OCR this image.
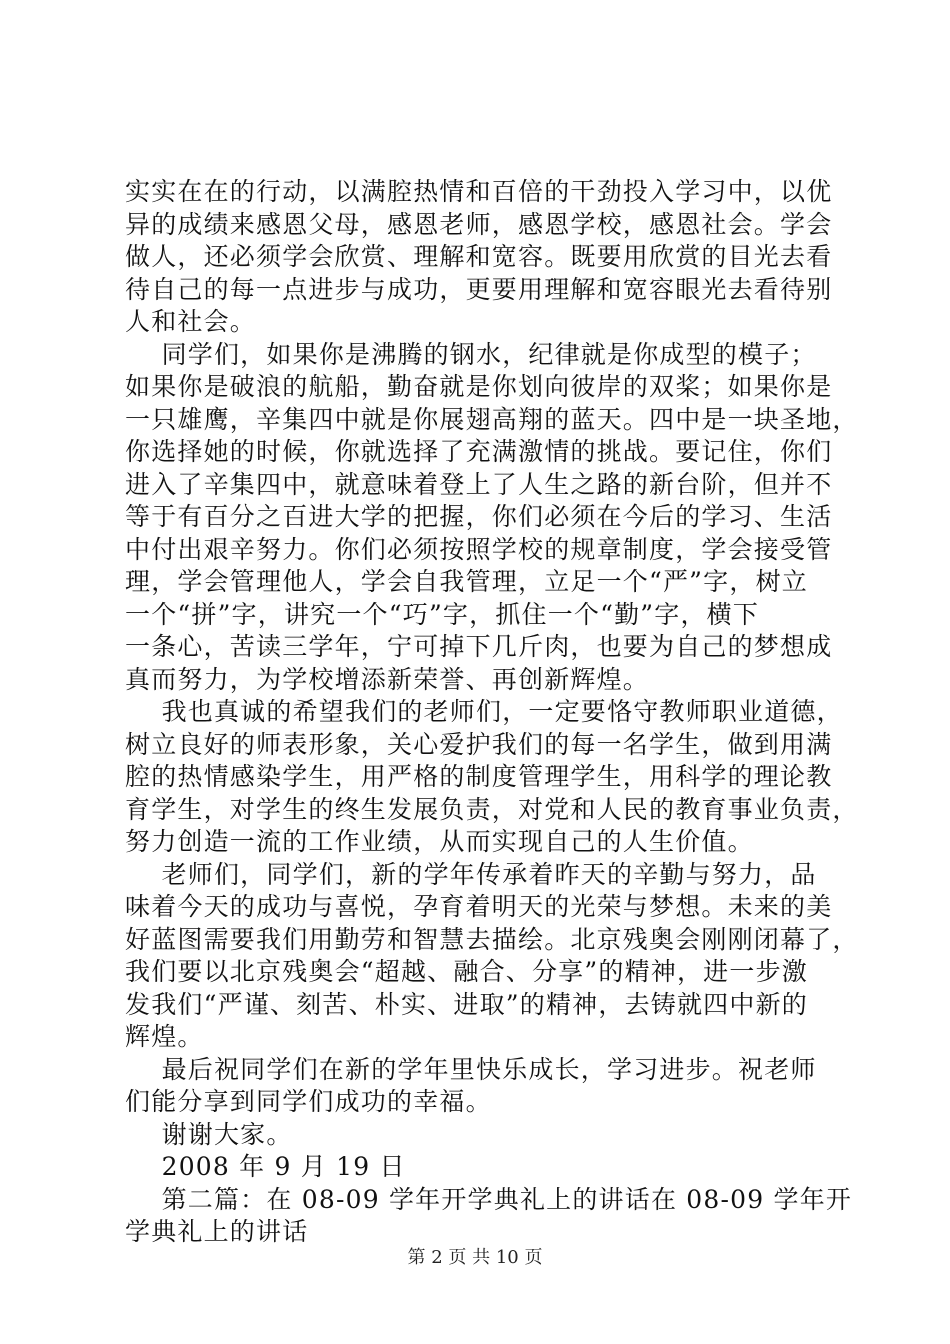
实实在在的行动，以满腔热情和百倍的干劲投入学习中，以优
异的成绩来感恩父母，感恩老师，感恩学校，感恩社会。学会
做人，还必须学会欣赏、理解和宽容。既要用欣赏的目光去看
待自己的每一点进步与成功，更要用理解和宽容眼光去看待别
人和社会。
同学们，如果你是沸腾的钢水，纪律就是你成型的模子；
如果你是破浪的航船，勤奋就是你划向彼岸的双桨；如果你是
一只雄鹰，辛集四中就是你展翅高翔的蓝天。四中是一块圣地，
你选择她的时候，你就选择了充满激情的挑战。要记住，你们
进入了辛集四中，就意味着登上了人生之路的新台阶，但并不
等于有百分之百进大学的把握，你们必须在今后的学习、生活
中付出艰辛努力。你们必须按照学校的规章制度，学会接受管
理，学会管理他人，学会自我管理，立足一个“严”字，树立
一个“拼”字，讲究一个“巧”字，抓住一个“勤”字，横下
一条心，苦读三学年，宁可掉下几斤肉，也要为自己的梦想成
真而努力，为学校增添新荣誉、再创新辉煌。
我也真诚的希望我们的老师们，一定要恪守教师职业道德，
树立良好的师表形象，关心爱护我们的每一名学生，做到用满
腔的热情感染学生，用严格的制度管理学生，用科学的理论教
育学生，对学生的终生发展负责，对党和人民的教育事业负责，
努力创造一流的工作业绩，从而实现自己的人生价值。
老师们，同学们，新的学年传承着昨天的辛勤与努力，品
味着今天的成功与喜悦，孕育着明天的光荣与梦想。未来的美
好蓝图需要我们用勤劳和智慧去描绘。北京残奥会刚刚闭幕了，
我们要以北京残奥会“超越、融合、分享”的精神，进一步激
发我们“严谨、刻苦、朴实、进取”的精神，去铸就四中新的
辉煌。
最后祝同学们在新的学年里快乐成长，学习进步。祝老师
们能分享到同学们成功的幸福。
谢谢大家。
2008 年 9 月 19 日
第二篇：在 08-09 学年开学典礼上的讲话在 08-09 学年开
学典礼上的讲话
第 2 页 共 10 页
